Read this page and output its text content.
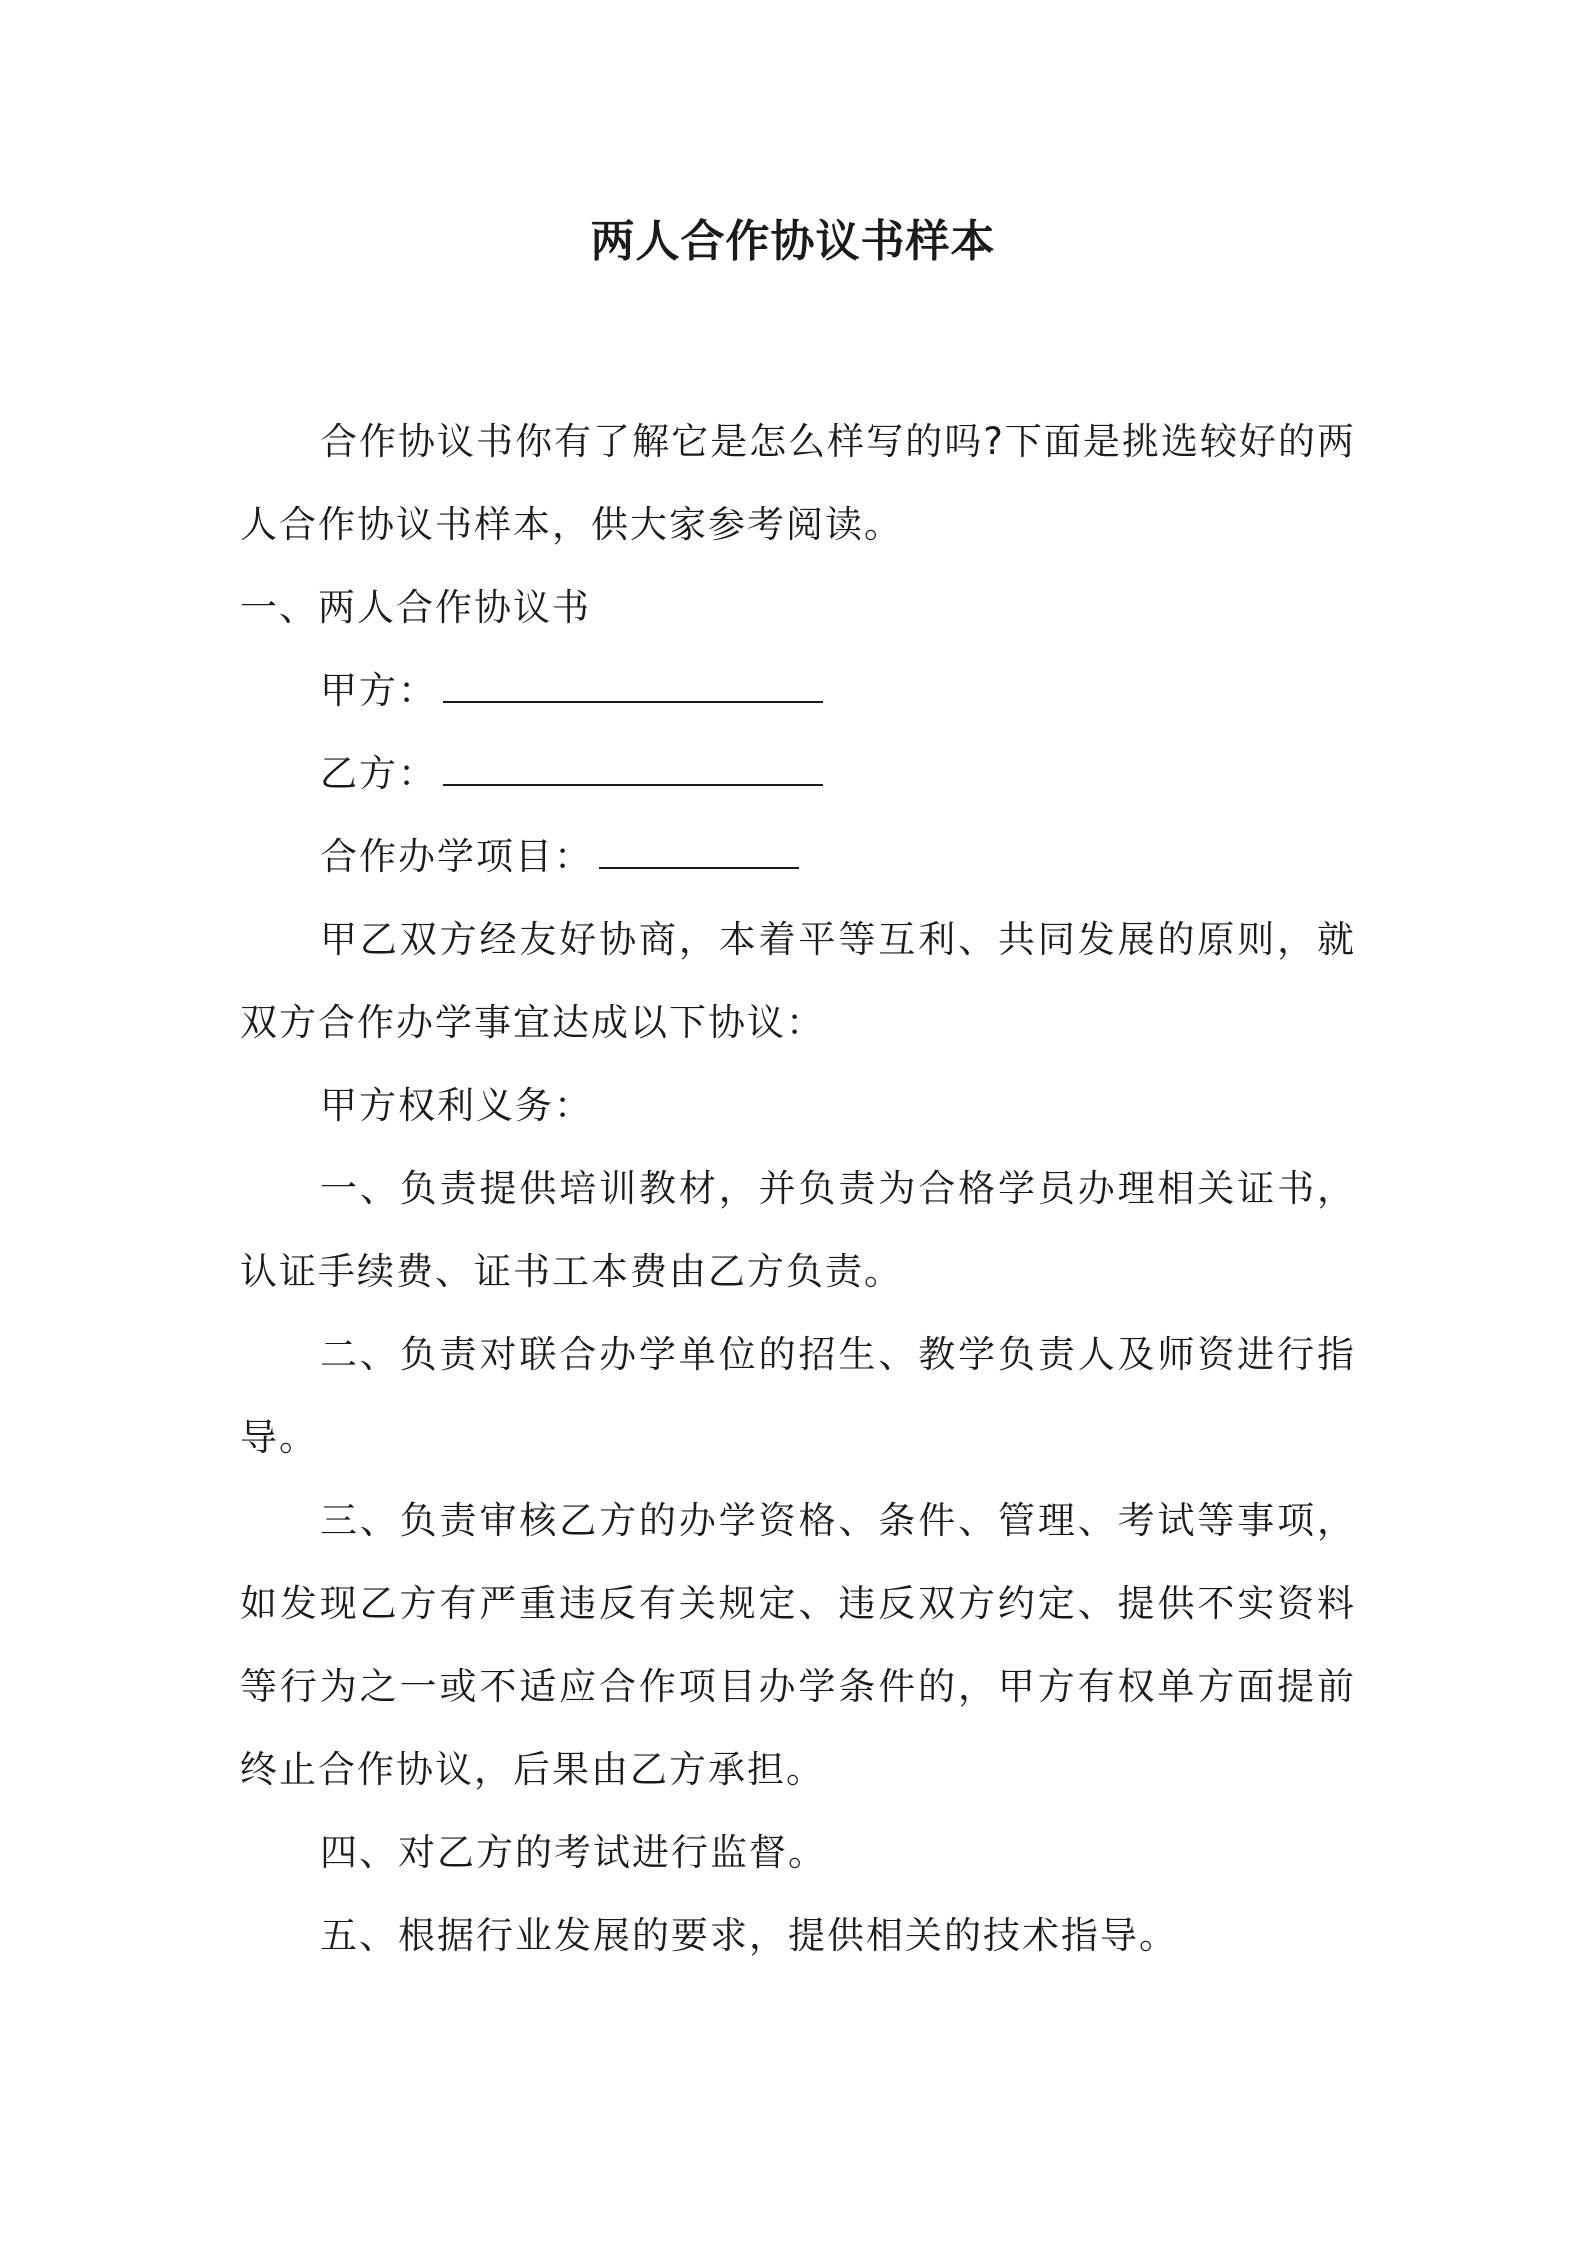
两人合作协议书样本

合作协议书你有了解它是怎么样写的吗?下面是挑选较好的两人合作协议书样本，供大家参考阅读。

一、两人合作协议书

甲方：

乙方：

合作办学项目：

甲乙双方经友好协商，本着平等互利、共同发展的原则，就双方合作办学事宜达成以下协议：

甲方权利义务：

一、负责提供培训教材，并负责为合格学员办理相关证书，认证手续费、证书工本费由乙方负责。

二、负责对联合办学单位的招生、教学负责人及师资进行指导。

三、负责审核乙方的办学资格、条件、管理、考试等事项，如发现乙方有严重违反有关规定、违反双方约定、提供不实资料等行为之一或不适应合作项目办学条件的，甲方有权单方面提前终止合作协议，后果由乙方承担。

四、对乙方的考试进行监督。

五、根据行业发展的要求，提供相关的技术指导。
